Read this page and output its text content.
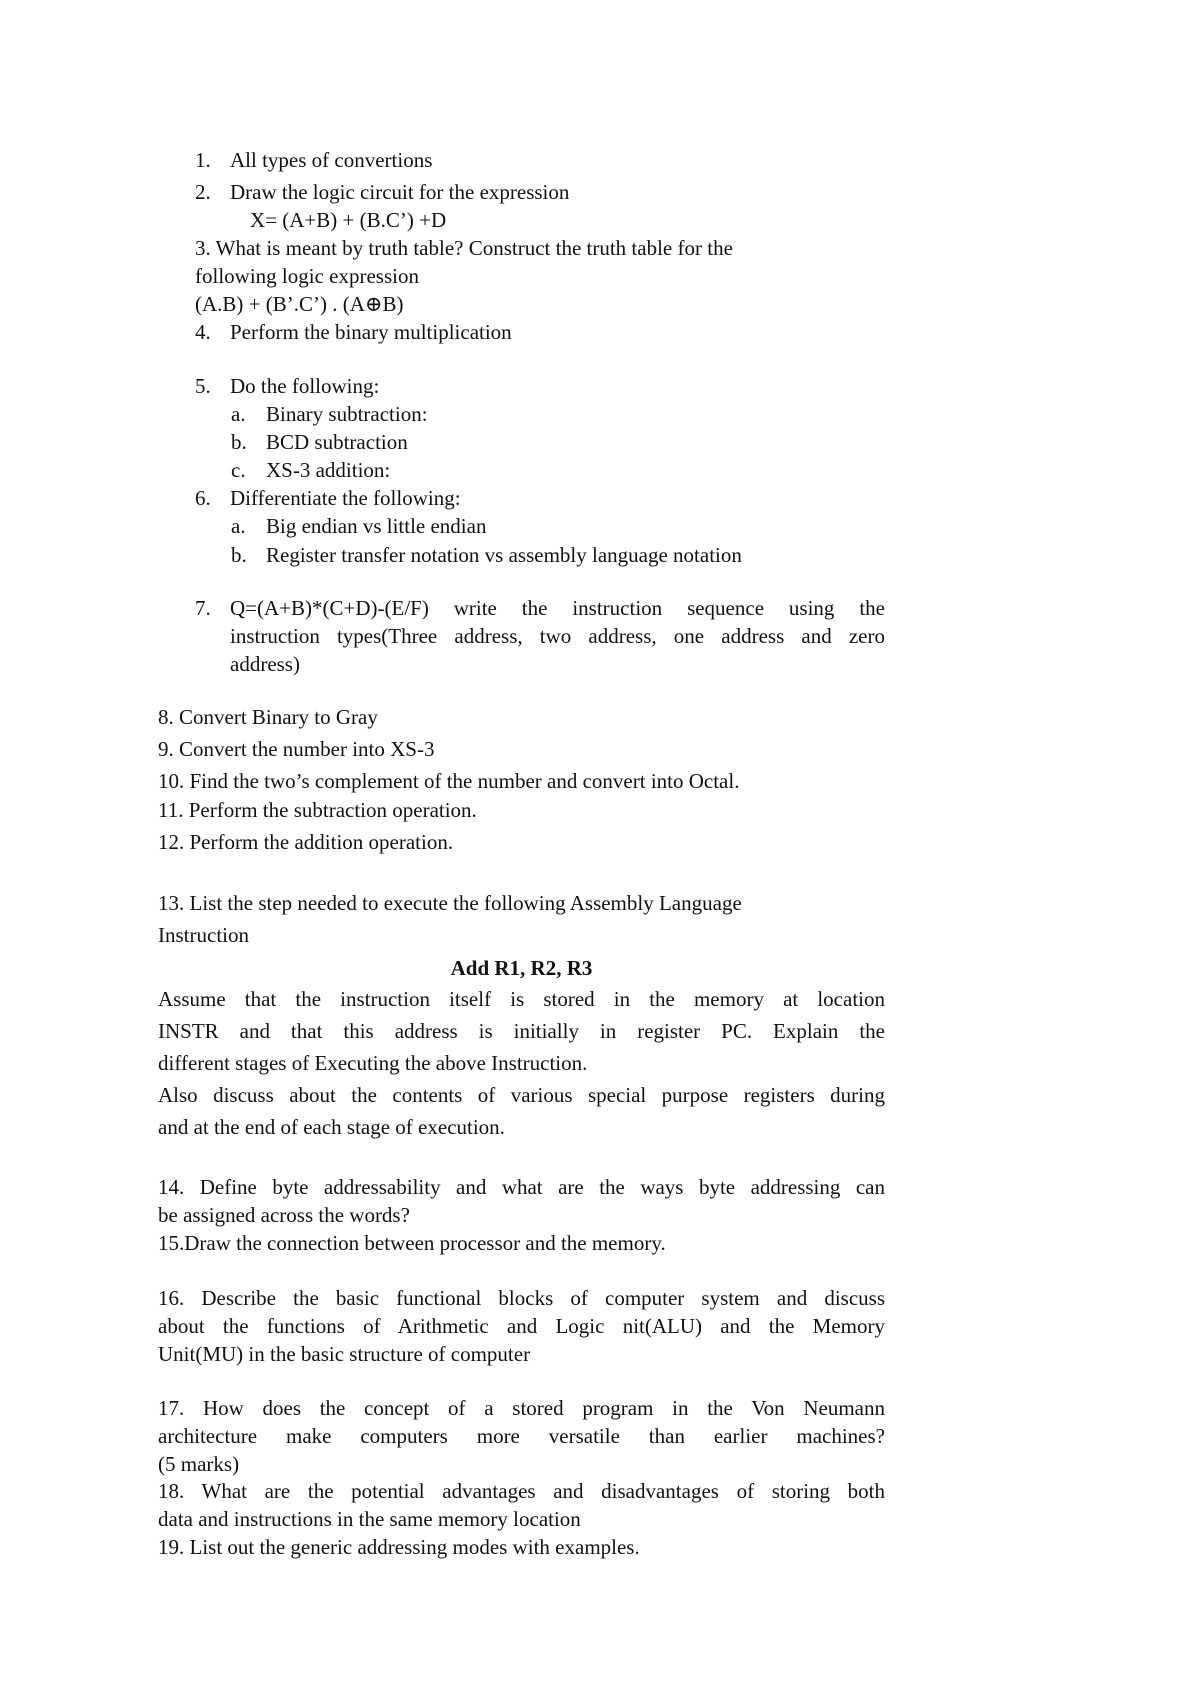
1. All types of convertions
2. Draw the logic circuit for the expression
X= (A+B) + (B.C’) +D
3. What is meant by truth table? Construct the truth table for the
following logic expression
(A.B) + (B’.C’) . (A⊕B)
4. Perform the binary multiplication
5. Do the following:
a. Binary subtraction:
b. BCD subtraction
c. XS-3 addition:
6. Differentiate the following:
a. Big endian vs little endian
b. Register transfer notation vs assembly language notation
7. Q=(A+B)*(C+D)-(E/F) write the instruction sequence using the
instruction types(Three address, two address, one address and zero
address)
8. Convert Binary to Gray
9. Convert the number into XS-3
10. Find the two’s complement of the number and convert into Octal.
11. Perform the subtraction operation.
12. Perform the addition operation.
13. List the step needed to execute the following Assembly Language
Instruction
Add R1, R2, R3
Assume that the instruction itself is stored in the memory at location
INSTR and that this address is initially in register PC. Explain the
different stages of Executing the above Instruction.
Also discuss about the contents of various special purpose registers during
and at the end of each stage of execution.
14. Define byte addressability and what are the ways byte addressing can
be assigned across the words?
15.Draw the connection between processor and the memory.
16. Describe the basic functional blocks of computer system and discuss
about the functions of Arithmetic and Logic nit(ALU) and the Memory
Unit(MU) in the basic structure of computer
17. How does the concept of a stored program in the Von Neumann
architecture make computers more versatile than earlier machines?
(5 marks)
18. What are the potential advantages and disadvantages of storing both
data and instructions in the same memory location
19. List out the generic addressing modes with examples.
